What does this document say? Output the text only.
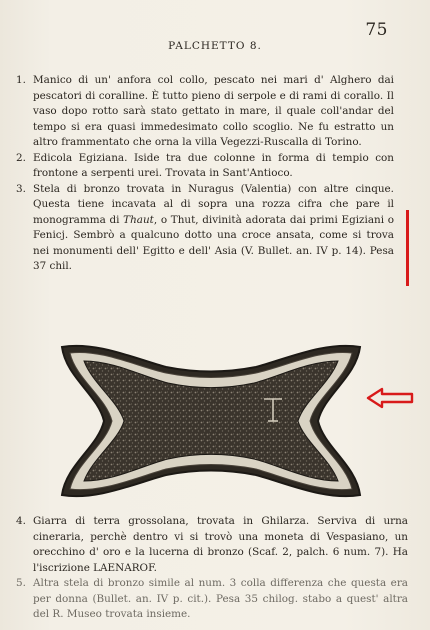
75
PALCHETTO 8.
1. Manico di un' anfora col collo, pescato nei mari d' Alghero dai pescatori di coralline. È tutto pieno di serpole e di rami di corallo. Il vaso dopo rotto sarà stato gettato in mare, il quale coll'andar del tempo si era quasi immedesimato collo scoglio. Ne fu estratto un altro frammentato che orna la villa Vegezzi-Ruscalla di Torino.

2. Edicola Egiziana. Iside tra due colonne in forma di tempio con frontone a serpenti urei. Trovata in Sant'Antioco.

3. Stela di bronzo trovata in Nuragus (Valentia) con altre cinque. Questa tiene incavata al di sopra una rozza cifra che pare il monogramma di Thaut, o Thut, divinità adorata dai primi Egiziani o Fenicj. Sembrò a qualcuno dotto una croce ansata, come si trova nei monumenti dell' Egitto e dell' Asia (V. Bullet. an. IV p. 14). Pesa 37 chil.

4. Giarra di terra grossolana, trovata in Ghilarza. Serviva di urna cineraria, perchè dentro vi si trovò una moneta di Vespasiano, un orecchino d' oro e la lucerna di bronzo (Scaf. 2, palch. 6 num. 7). Ha l'iscrizione LAENAROF.

5. Altra stela di bronzo simile al num. 3 colla differenza che questa era per donna (Bullet. an. IV p. cit.). Pesa 35 chilog. stabo a quest' altra del R. Museo trovata insieme.
